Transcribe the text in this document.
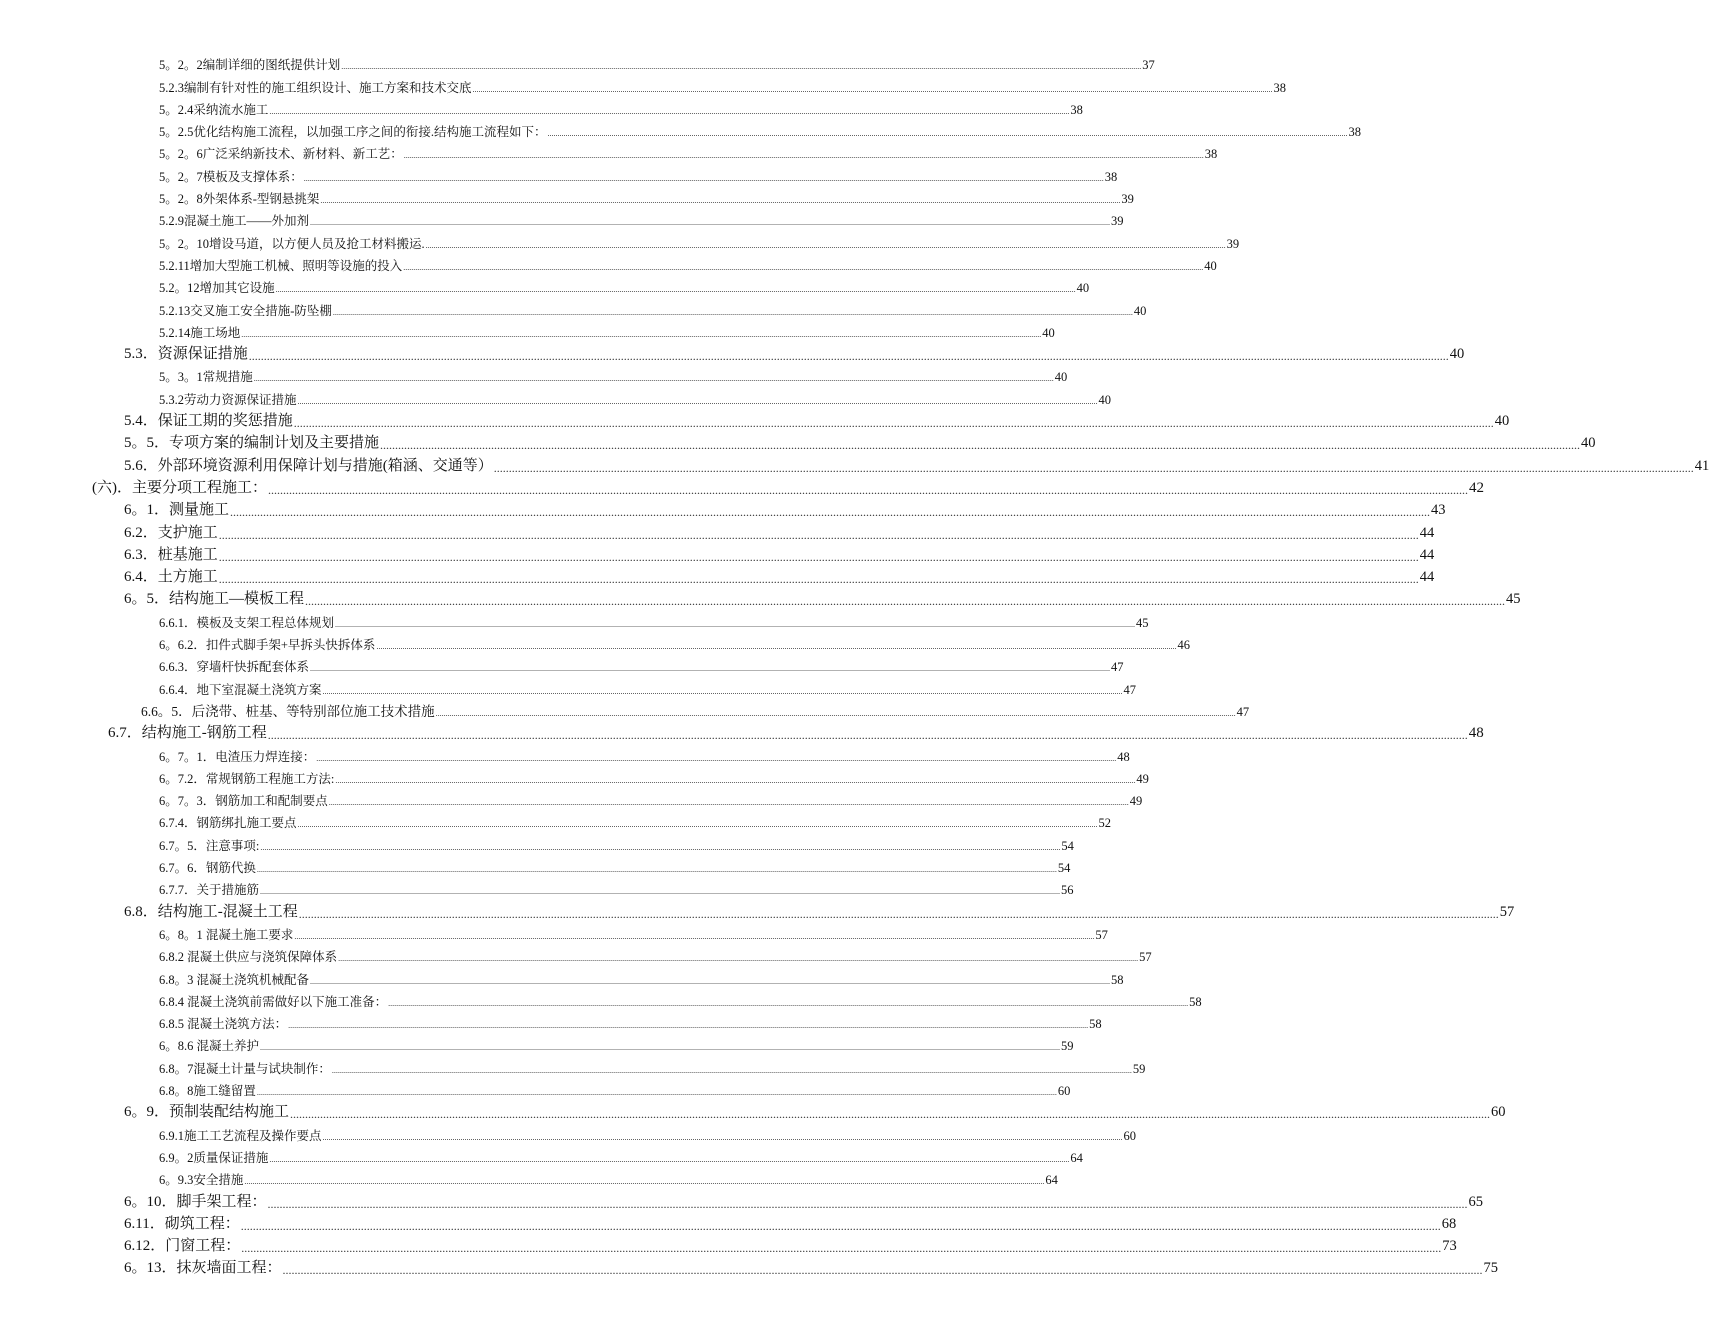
5。2。2编制详细的图纸提供计划 ................................................................................................................................................................................................................................................................................................................................................................................................................ 37
5.2.3编制有针对性的施工组织设计、施工方案和技术交底 ................................................................................................................................................................................................................................................................................................................................................................................................................ 38
5。2.4采纳流水施工 ................................................................................................................................................................................................................................................................................................................................................................................................................ 38
5。2.5优化结构施工流程，以加强工序之间的衔接.结构施工流程如下： ................................................................................................................................................................................................................................................................................................................................................................................................................ 38
5。2。6广泛采纳新技术、新材料、新工艺： ................................................................................................................................................................................................................................................................................................................................................................................................................ 38
5。2。7模板及支撑体系： ................................................................................................................................................................................................................................................................................................................................................................................................................ 38
5。2。8外架体系-型钢悬挑架 ................................................................................................................................................................................................................................................................................................................................................................................................................ 39
5.2.9混凝土施工——外加剂 ................................................................................................................................................................................................................................................................................................................................................................................................................ 39
5。2。10增设马道，以方便人员及抢工材料搬运. ................................................................................................................................................................................................................................................................................................................................................................................................................ 39
5.2.11增加大型施工机械、照明等设施的投入 ................................................................................................................................................................................................................................................................................................................................................................................................................ 40
5.2。12增加其它设施 ................................................................................................................................................................................................................................................................................................................................................................................................................ 40
5.2.13交叉施工安全措施-防坠棚 ................................................................................................................................................................................................................................................................................................................................................................................................................ 40
5.2.14施工场地 ................................................................................................................................................................................................................................................................................................................................................................................................................ 40
5.3．资源保证措施 ................................................................................................................................................................................................................................................................................................................................................................................................................ 40
5。3。1常规措施 ................................................................................................................................................................................................................................................................................................................................................................................................................ 40
5.3.2劳动力资源保证措施 ................................................................................................................................................................................................................................................................................................................................................................................................................ 40
5.4．保证工期的奖惩措施 ................................................................................................................................................................................................................................................................................................................................................................................................................ 40
5。5．专项方案的编制计划及主要措施 ................................................................................................................................................................................................................................................................................................................................................................................................................ 40
5.6．外部环境资源利用保障计划与措施(箱涵、交通等） ................................................................................................................................................................................................................................................................................................................................................................................................................ 41
(六)．主要分项工程施工： ................................................................................................................................................................................................................................................................................................................................................................................................................ 42
6。1．测量施工 ................................................................................................................................................................................................................................................................................................................................................................................................................ 43
6.2．支护施工 ................................................................................................................................................................................................................................................................................................................................................................................................................ 44
6.3．桩基施工 ................................................................................................................................................................................................................................................................................................................................................................................................................ 44
6.4．土方施工 ................................................................................................................................................................................................................................................................................................................................................................................................................ 44
6。5．结构施工—模板工程 ................................................................................................................................................................................................................................................................................................................................................................................................................ 45
6.6.1．模板及支架工程总体规划 ................................................................................................................................................................................................................................................................................................................................................................................................................ 45
6。6.2．扣件式脚手架+早拆头快拆体系 ................................................................................................................................................................................................................................................................................................................................................................................................................ 46
6.6.3．穿墙杆快拆配套体系 ................................................................................................................................................................................................................................................................................................................................................................................................................ 47
6.6.4．地下室混凝土浇筑方案 ................................................................................................................................................................................................................................................................................................................................................................................................................ 47
6.6。5．后浇带、桩基、等特别部位施工技术措施 ................................................................................................................................................................................................................................................................................................................................................................................................................ 47
6.7．结构施工-钢筋工程 ................................................................................................................................................................................................................................................................................................................................................................................................................ 48
6。7。1．电渣压力焊连接： ................................................................................................................................................................................................................................................................................................................................................................................................................ 48
6。7.2．常规钢筋工程施工方法: ................................................................................................................................................................................................................................................................................................................................................................................................................ 49
6。7。3．钢筋加工和配制要点 ................................................................................................................................................................................................................................................................................................................................................................................................................ 49
6.7.4．钢筋绑扎施工要点 ................................................................................................................................................................................................................................................................................................................................................................................................................ 52
6.7。5．注意事项: ................................................................................................................................................................................................................................................................................................................................................................................................................ 54
6.7。6．钢筋代换 ................................................................................................................................................................................................................................................................................................................................................................................................................ 54
6.7.7．关于措施筋 ................................................................................................................................................................................................................................................................................................................................................................................................................ 56
6.8．结构施工-混凝土工程 ................................................................................................................................................................................................................................................................................................................................................................................................................ 57
6。8。1 混凝土施工要求 ................................................................................................................................................................................................................................................................................................................................................................................................................ 57
6.8.2 混凝土供应与浇筑保障体系 ................................................................................................................................................................................................................................................................................................................................................................................................................ 57
6.8。3 混凝土浇筑机械配备 ................................................................................................................................................................................................................................................................................................................................................................................................................ 58
6.8.4 混凝土浇筑前需做好以下施工准备： ................................................................................................................................................................................................................................................................................................................................................................................................................ 58
6.8.5 混凝土浇筑方法： ................................................................................................................................................................................................................................................................................................................................................................................................................ 58
6。8.6 混凝土养护 ................................................................................................................................................................................................................................................................................................................................................................................................................ 59
6.8。7混凝土计量与试块制作： ................................................................................................................................................................................................................................................................................................................................................................................................................ 59
6.8。8施工缝留置 ................................................................................................................................................................................................................................................................................................................................................................................................................ 60
6。9．预制装配结构施工 ................................................................................................................................................................................................................................................................................................................................................................................................................ 60
6.9.1施工工艺流程及操作要点 ................................................................................................................................................................................................................................................................................................................................................................................................................ 60
6.9。2质量保证措施 ................................................................................................................................................................................................................................................................................................................................................................................................................ 64
6。9.3安全措施 ................................................................................................................................................................................................................................................................................................................................................................................................................ 64
6。10．脚手架工程： ................................................................................................................................................................................................................................................................................................................................................................................................................ 65
6.11．砌筑工程： ................................................................................................................................................................................................................................................................................................................................................................................................................ 68
6.12．门窗工程： ................................................................................................................................................................................................................................................................................................................................................................................................................ 73
6。13．抹灰墙面工程： ................................................................................................................................................................................................................................................................................................................................................................................................................ 75
